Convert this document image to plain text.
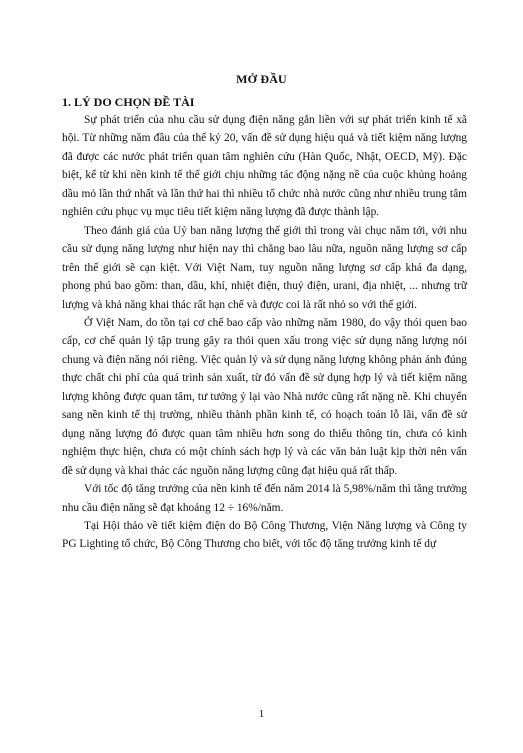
MỞ ĐẦU
1. LÝ DO CHỌN ĐỀ TÀI

Sự phát triển của nhu cầu sử dụng điện năng gắn liền với sự phát triển kinh tế xã hội. Từ những năm đầu của thế kỷ 20, vấn đề sử dụng hiệu quả và tiết kiệm năng lượng đã được các nước phát triển quan tâm nghiên cứu (Hàn Quốc, Nhật, OECD, Mỹ). Đặc biệt, kể từ khi nền kinh tế thế giới chịu những tác động nặng nề của cuộc khủng hoảng dầu mỏ lần thứ nhất và lần thứ hai thì nhiều tổ chức nhà nước cũng như nhiều trung tâm nghiên cứu phục vụ mục tiêu tiết kiệm năng lượng đã được thành lập.

Theo đánh giá của Uỷ ban năng lượng thế giới thì trong vài chục năm tới, với nhu cầu sử dụng năng lượng như hiện nay thì chẳng bao lâu nữa, nguồn năng lượng sơ cấp trên thế giới sẽ cạn kiệt. Với Việt Nam, tuy nguồn năng lượng sơ cấp khá đa dạng, phong phú bao gồm: than, dầu, khí, nhiệt điện, thuỷ điện, urani, địa nhiệt, ... nhưng trữ lượng và khả năng khai thác rất hạn chế và được coi là rất nhỏ so với thế giới.

Ở Việt Nam, do tồn tại cơ chế bao cấp vào những năm 1980, do vậy thói quen bao cấp, cơ chế quản lý tập trung gây ra thói quen xấu trong việc sử dụng năng lượng nói chung và điện năng nói riêng. Việc quản lý và sử dụng năng lượng không phản ánh đúng thực chất chi phí của quá trình sản xuất, từ đó vấn đề sử dụng hợp lý và tiết kiệm năng lượng không được quan tâm, tư tưởng ỷ lại vào Nhà nước cũng rất nặng nề. Khi chuyển sang nền kinh tế thị trường, nhiều thành phần kinh tế, có hoạch toán lỗ lãi, vấn đề sử dụng năng lượng đó được quan tâm nhiều hơn song do thiếu thông tin, chưa có kinh nghiệm thực hiện, chưa có một chính sách hợp lý và các văn bản luật kịp thời nên vấn đề sử dụng và khai thác các nguồn năng lượng cũng đạt hiệu quả rất thấp.

Với tốc độ tăng trưởng của nền kinh tế đến năm 2014 là 5,98%/năm thì tăng trưởng nhu cầu điện năng sẽ đạt khoảng 12 ÷ 16%/năm.

Tại Hội thảo về tiết kiệm điện do Bộ Công Thương, Viện Năng lượng và Công ty PG Lighting tổ chức, Bộ Công Thương cho biết, với tốc độ tăng trưởng kinh tế dự

1
